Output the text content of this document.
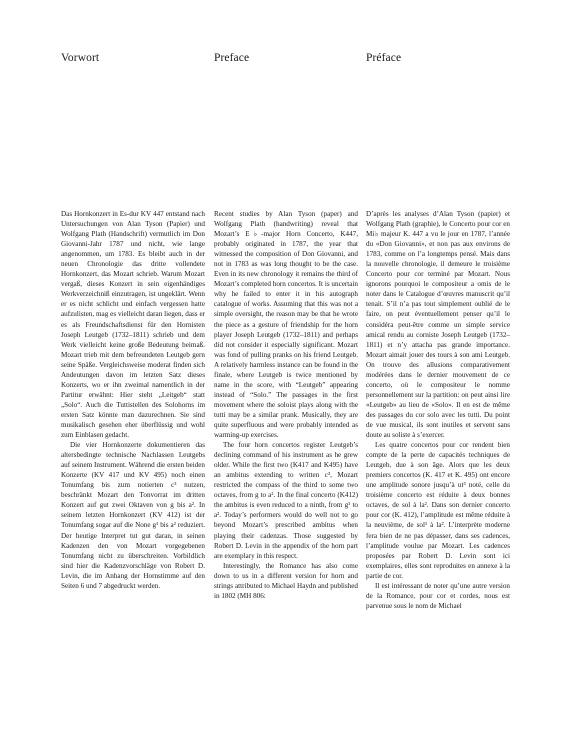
Vorwort	Preface	Préface

Das Hornkonzert in Es-dur KV 447 entstand nach Untersuchungen von Alan Tyson (Papier) und Wolfgang Plath (Handschrift) vermutlich im Don Giovanni-Jahr 1787 und nicht, wie lange angenommen, um 1783. Es bleibt auch in der neuen Chronologie das dritte vollendete Hornkonzert, das Mozart schrieb. Warum Mozart vergaß, dieses Konzert in sein eigenhändiges Werkverzeichniß einzutragen, ist ungeklärt. Wenn er es nicht schlicht und einfach vergessen hatte aufzulisten, mag es vielleicht daran liegen, dass er es als Freundschaftsdienst für den Hornisten Joseph Leutgeb (1732–1811) schrieb und dem Werk vielleicht keine große Bedeutung beimaß. Mozart trieb mit dem befreundeten Leutgeb gern seine Späße. Vergleichsweise moderat finden sich Andeutungen davon im letzten Satz dieses Konzerts, wo er ihn zweimal namentlich in der Partitur erwähnt: Hier steht „Leitgeb“ statt „Solo“. Auch die Tuttistellen des Solohorns im ersten Satz könnte man dazurechnen. Sie sind musikalisch gesehen eher überflüssig und wohl zum Einblasen gedacht.

Die vier Hornkonzerte dokumentieren das altersbedingte technische Nachlassen Leutgebs auf seinem Instrument. Während die ersten beiden Konzerte (KV 417 und KV 495) noch einen Tonumfang bis zum notierten c³ nutzen, beschränkt Mozart den Tonvorrat im dritten Konzert auf gut zwei Oktaven von g bis a². In seinem letzten Hornkonzert (KV 412) ist der Tonumfang sogar auf die None g¹ bis a² reduziert. Der heutige Interpret tut gut daran, in seinen Kadenzen den von Mozart vorgegebenen Tonumfang nicht zu überschreiten. Vorbildlich sind hier die Kadenzvorschläge von Robert D. Levin, die im Anhang der Hornstimme auf den Seiten 6 und 7 abgedruckt werden.

Recent studies by Alan Tyson (paper) and Wolfgang Plath (handwriting) reveal that Mozart’s E♭-major Horn Concerto, K447, probably originated in 1787, the year that witnessed the composition of Don Giovanni, and not in 1783 as was long thought to be the case. Even in its new chronology it remains the third of Mozart’s completed horn concertos. It is uncertain why he failed to enter it in his autograph catalogue of works. Assuming that this was not a simple oversight, the reason may be that he wrote the piece as a gesture of friendship for the horn player Joseph Leutgeb (1732–1811) and perhaps did not consider it especially significant. Mozart was fond of pulling pranks on his friend Leutgeb. A relatively harmless instance can be found in the finale, where Leutgeb is twice mentioned by name in the score, with “Leutgeb” appearing instead of “Solo.” The passages in the first movement where the soloist plays along with the tutti may be a similar prank. Musically, they are quite superfluous and were probably intended as warming-up exercises.

The four horn concertos register Leutgeb’s declining command of his instrument as he grew older. While the first two (K417 and K495) have an ambitus extending to written c³, Mozart restricted the compass of the third to some two octaves, from g to a². In the final concerto (K412) the ambitus is even reduced to a ninth, from g¹ to a². Today’s performers would do well not to go beyond Mozart’s prescribed ambitus when playing their cadenzas. Those suggested by Robert D. Levin in the appendix of the horn part are exemplary in this respect.

Interestingly, the Romance has also come down to us in a different version for horn and strings attributed to Michael Haydn and published in 1802 (MH 806:

D’après les analyses d’Alan Tyson (papier) et Wolfgang Plath (graphie), le Concerto pour cor en Mi♭ majeur K. 447 a vu le jour en 1787, l’année du «Don Giovanni», et non pas aux environs de 1783, comme on l’a longtemps pensé. Mais dans la nouvelle chronologie, il demeure le troisième Concerto pour cor terminé par Mozart. Nous ignorons pourquoi le compositeur a omis de le noter dans le Catalogue d’œuvres manuscrit qu’il tenait. S’il n’a pas tout simplement oublié de le faire, on peut éventuellement penser qu’il le considéra peut-être comme un simple service amical rendu au corniste Joseph Leutgeb (1732–1811) et n’y attacha pas grande importance. Mozart aimait jouer des tours à son ami Leutgeb. On trouve des allusions comparativement modérées dans le dernier mouvement de ce concerto, où le compositeur le nomme personnellement sur la partition: on peut ainsi lire «Leutgeb» au lieu de «Solo». Il en est de même des passages du cor solo avec les tutti. Du point de vue musical, ils sont inutiles et servent sans doute au soliste à s’exercer.

Les quatre concertos pour cor rendent bien compte de la perte de capacités techniques de Leutgeb, due à son âge. Alors que les deux premiers concertos (K. 417 et K. 495) ont encore une amplitude sonore jusqu’à ut³ noté, celle du troisième concerto est réduite à deux bonnes octaves, de sol à la². Dans son dernier concerto pour cor (K. 412), l’amplitude est même réduite à la neuvième, de sol¹ à la². L’interprète moderne fera bien de ne pas dépasser, dans ses cadences, l’amplitude voulue par Mozart. Les cadences proposées par Robert D. Levin sont ici exemplaires, elles sont reproduites en annexe à la partie de cor.

Il est intéressant de noter qu’une autre version de la Romance, pour cor et cordes, nous est parvenue sous le nom de Michael
